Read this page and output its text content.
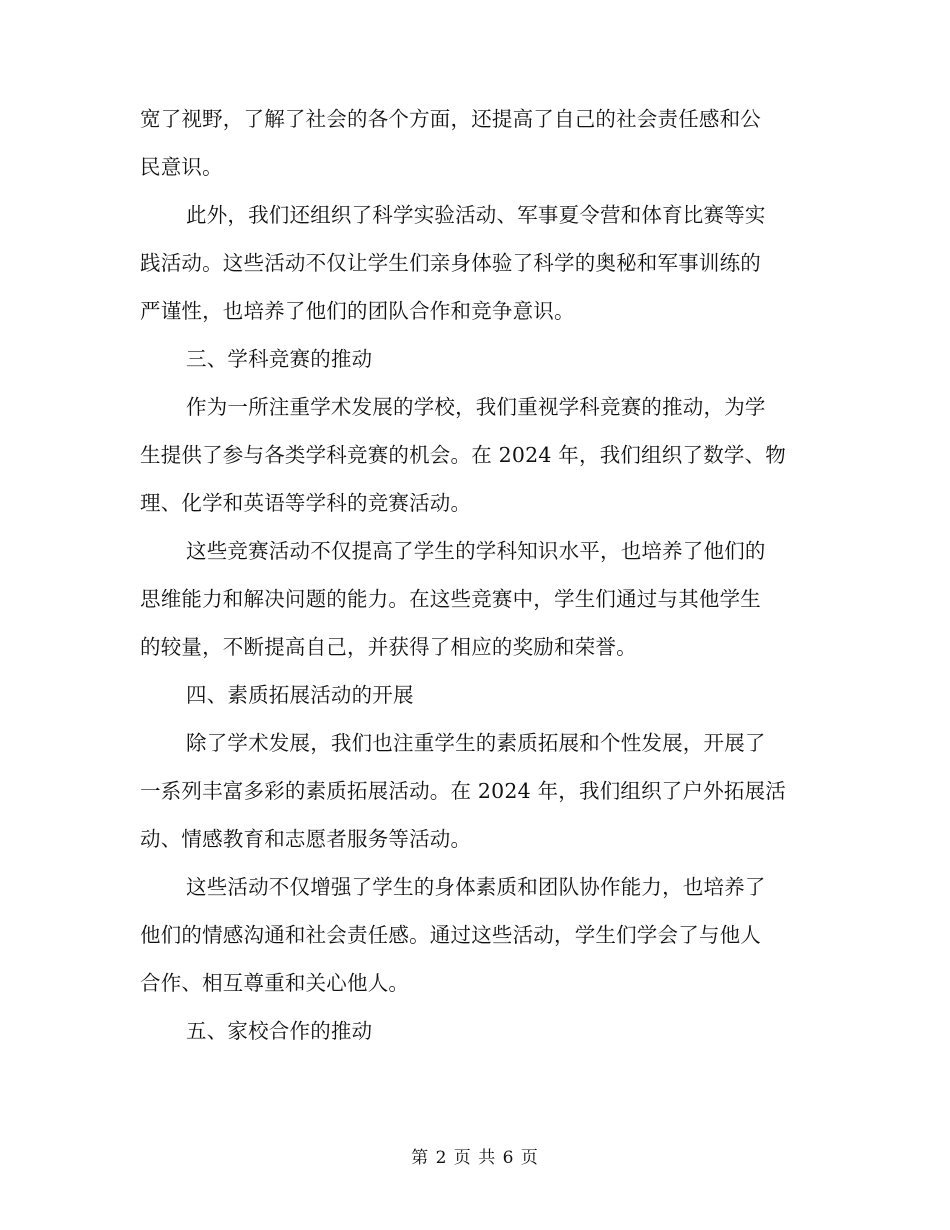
宽了视野，了解了社会的各个方面，还提高了自己的社会责任感和公
民意识。
此外，我们还组织了科学实验活动、军事夏令营和体育比赛等实
践活动。这些活动不仅让学生们亲身体验了科学的奥秘和军事训练的
严谨性，也培养了他们的团队合作和竞争意识。
三、学科竞赛的推动
作为一所注重学术发展的学校，我们重视学科竞赛的推动，为学
生提供了参与各类学科竞赛的机会。在 2024 年，我们组织了数学、物
理、化学和英语等学科的竞赛活动。
这些竞赛活动不仅提高了学生的学科知识水平，也培养了他们的
思维能力和解决问题的能力。在这些竞赛中，学生们通过与其他学生
的较量，不断提高自己，并获得了相应的奖励和荣誉。
四、素质拓展活动的开展
除了学术发展，我们也注重学生的素质拓展和个性发展，开展了
一系列丰富多彩的素质拓展活动。在 2024 年，我们组织了户外拓展活
动、情感教育和志愿者服务等活动。
这些活动不仅增强了学生的身体素质和团队协作能力，也培养了
他们的情感沟通和社会责任感。通过这些活动，学生们学会了与他人
合作、相互尊重和关心他人。
五、家校合作的推动
第 2 页 共 6 页
